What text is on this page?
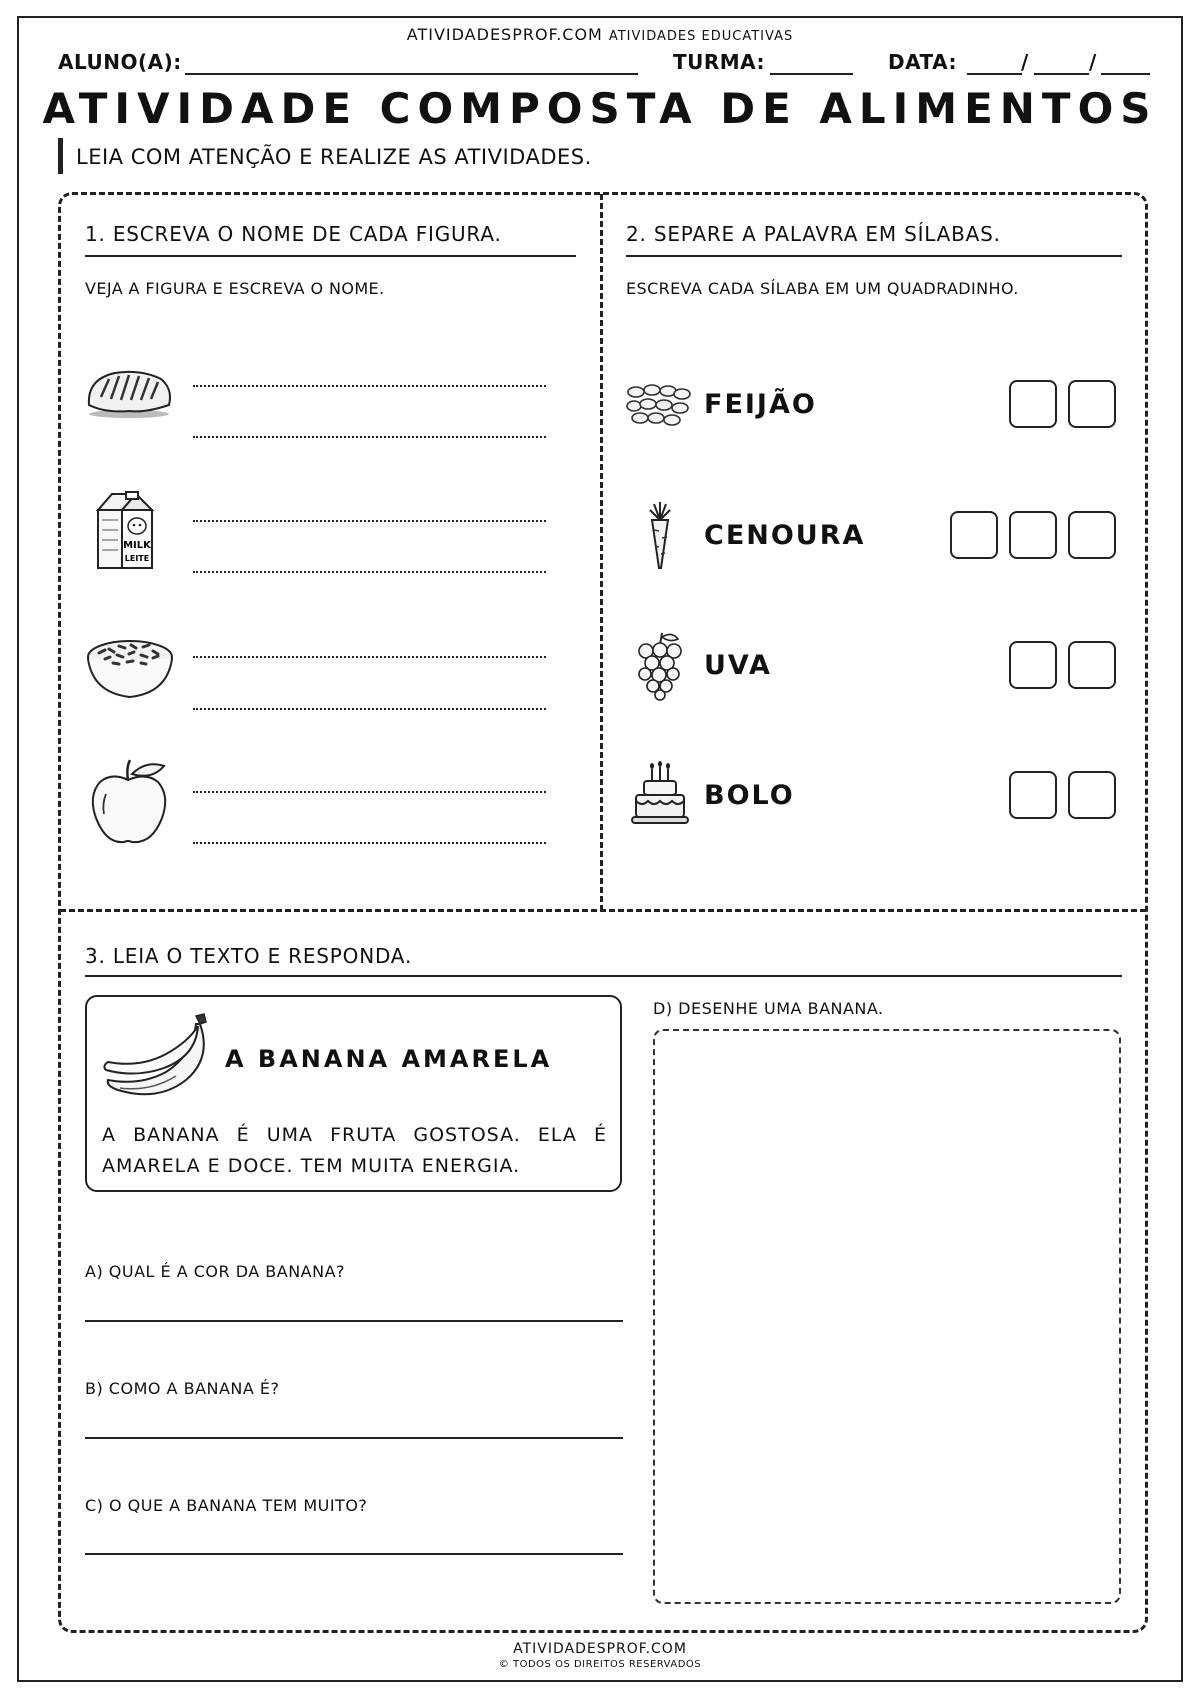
ATIVIDADESPROF.COM ATIVIDADES EDUCATIVAS
ALUNO(A):	TURMA:	DATA:	/	/
ATIVIDADE COMPOSTA DE ALIMENTOS
LEIA COM ATENÇÃO E REALIZE AS ATIVIDADES.
1. ESCREVA O NOME DE CADA FIGURA.
VEJA A FIGURA E ESCREVA O NOME.
MILK
LEITE
2. SEPARE A PALAVRA EM SÍLABAS.
ESCREVA CADA SÍLABA EM UM QUADRADINHO.
FEIJÃO
CENOURA
UVA
BOLO
3. LEIA O TEXTO E RESPONDA.
A BANANA AMARELA
A BANANA É UMA FRUTA GOSTOSA. ELA É AMARELA E DOCE. TEM MUITA ENERGIA.
A) QUAL É A COR DA BANANA?
B) COMO A BANANA É?
C) O QUE A BANANA TEM MUITO?
D) DESENHE UMA BANANA.
ATIVIDADESPROF.COM
© TODOS OS DIREITOS RESERVADOS
